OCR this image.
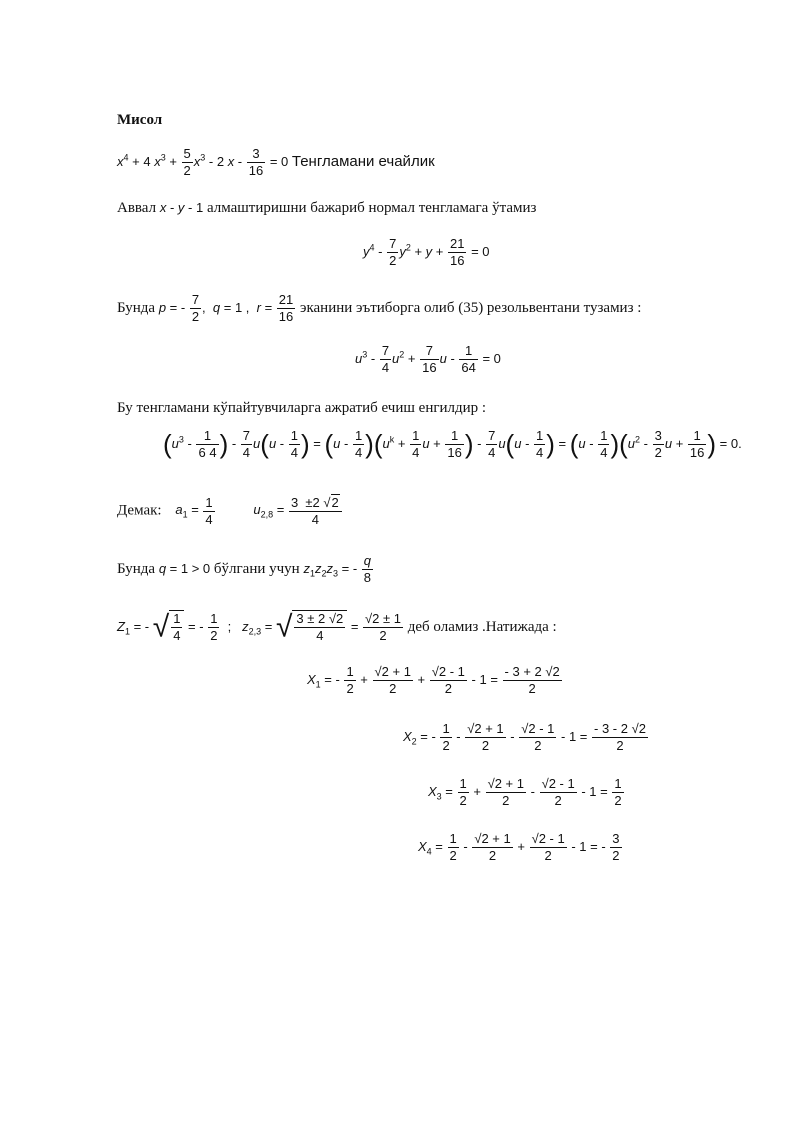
Мисол
$x^4 + 4$ $x^3 + \frac{5}{2} x^3 - 2$ $x - \frac{3}{16} = 0$ Тенгламани ечайлик
Аввал x - y - 1 алмаштиришни бажариб нормал тенгламага ўтамиз
$y^4 - \frac{7}{2} y^2 + y + \frac{21}{16} = 0$
Бунда p = - $\frac{7}{2}$ ,  q = 1 ,  $r = \frac{21}{16}$ эканини эътиборга олиб (35) резольвентани тузамиз :
$u^3 - \frac{7}{4} u^2 + \frac{7}{16}$ $u - \frac{1}{64} = 0$
Бу тенгламани кўпайтувчиларга ажратиб ечиш енгилдир :
($u^3 - \frac{1}{6 4}$ ) - $\frac{7}{4} u(u - \frac{1}{4}$ ) = $(u - \frac{1}{4} )(u^k + \frac{1}{4}$ $u + \frac{1}{16}$ ) - $\frac{7}{4} u(u - \frac{1}{4}$ ) = $(u - \frac{1}{4} )(u^2 - \frac{3}{2}$ $u + \frac{1}{16}$ ) = 0.
Демак: $a_1 = \frac{1}{4}$	$u_{2,8} = \frac{3 \pm 2 √2}{4}$
Бунда q = 1 > 0 бўлгани учун $z_1z_2z_3$ = - $\frac{q}{8}$
$Z_1$ = - √ $\frac{1}{4}$ = - $\frac{1}{2}$ ;   $z_{2,3}$ = √ $\frac{3 \pm 2 √2}{4} = \frac{√2 \pm 1}{2}$ деб оламиз .Натижада :
$X_1$ = - $\frac{1}{2} + \frac{√2 + 1}{2} + \frac{√2 - 1}{2} - 1 = \frac{- 3 + 2 √2}{2}$
$X_2$ = - $\frac{1}{2} - \frac{√2 + 1}{2} - \frac{√2 - 1}{2} - 1 = \frac{- 3 - 2 √2}{2}$
$X_3 = \frac{1}{2} + \frac{√2 + 1}{2} - \frac{√2 - 1}{2} - 1 = \frac{1}{2}$
$X_4 = \frac{1}{2} - \frac{√2 + 1}{2} + \frac{√2 - 1}{2} - 1$ = - $\frac{3}{2}$
